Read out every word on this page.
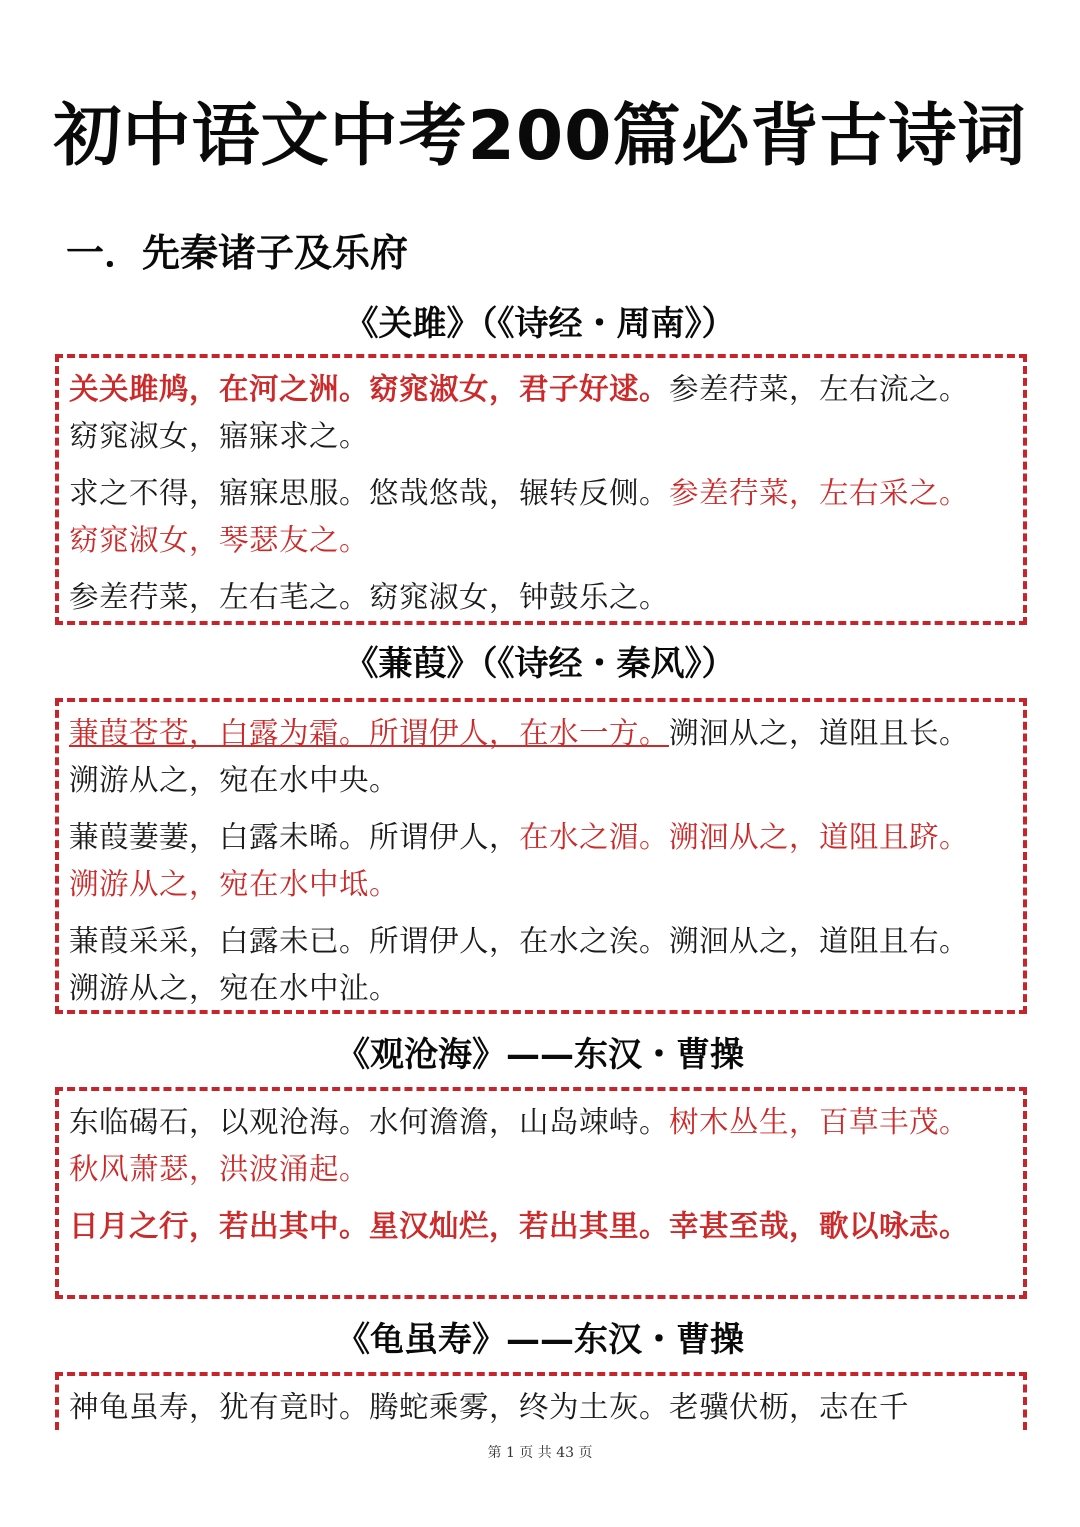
初中语文中考200篇必背古诗词
一．先秦诸子及乐府
《关雎》（《诗经・周南》）
关关雎鸠，在河之洲。窈窕淑女，君子好逑。参差荇菜，左右流之。窈窕淑女，寤寐求之。
求之不得，寤寐思服。悠哉悠哉，辗转反侧。参差荇菜，左右采之。窈窕淑女，琴瑟友之。
参差荇菜，左右芼之。窈窕淑女，钟鼓乐之。
《蒹葭》（《诗经・秦风》）
蒹葭苍苍，白露为霜。所谓伊人，在水一方。溯洄从之，道阻且长。溯游从之，宛在水中央。
蒹葭萋萋，白露未晞。所谓伊人，在水之湄。溯洄从之，道阻且跻。溯游从之，宛在水中坻。
蒹葭采采，白露未已。所谓伊人，在水之涘。溯洄从之，道阻且右。溯游从之，宛在水中沚。
《观沧海》——东汉・曹操
东临碣石，以观沧海。水何澹澹，山岛竦峙。树木丛生，百草丰茂。秋风萧瑟，洪波涌起。
日月之行，若出其中。星汉灿烂，若出其里。幸甚至哉，歌以咏志。
《龟虽寿》——东汉・曹操
神龟虽寿，犹有竟时。腾蛇乘雾，终为土灰。老骥伏枥，志在千
第 1 页 共 43 页
